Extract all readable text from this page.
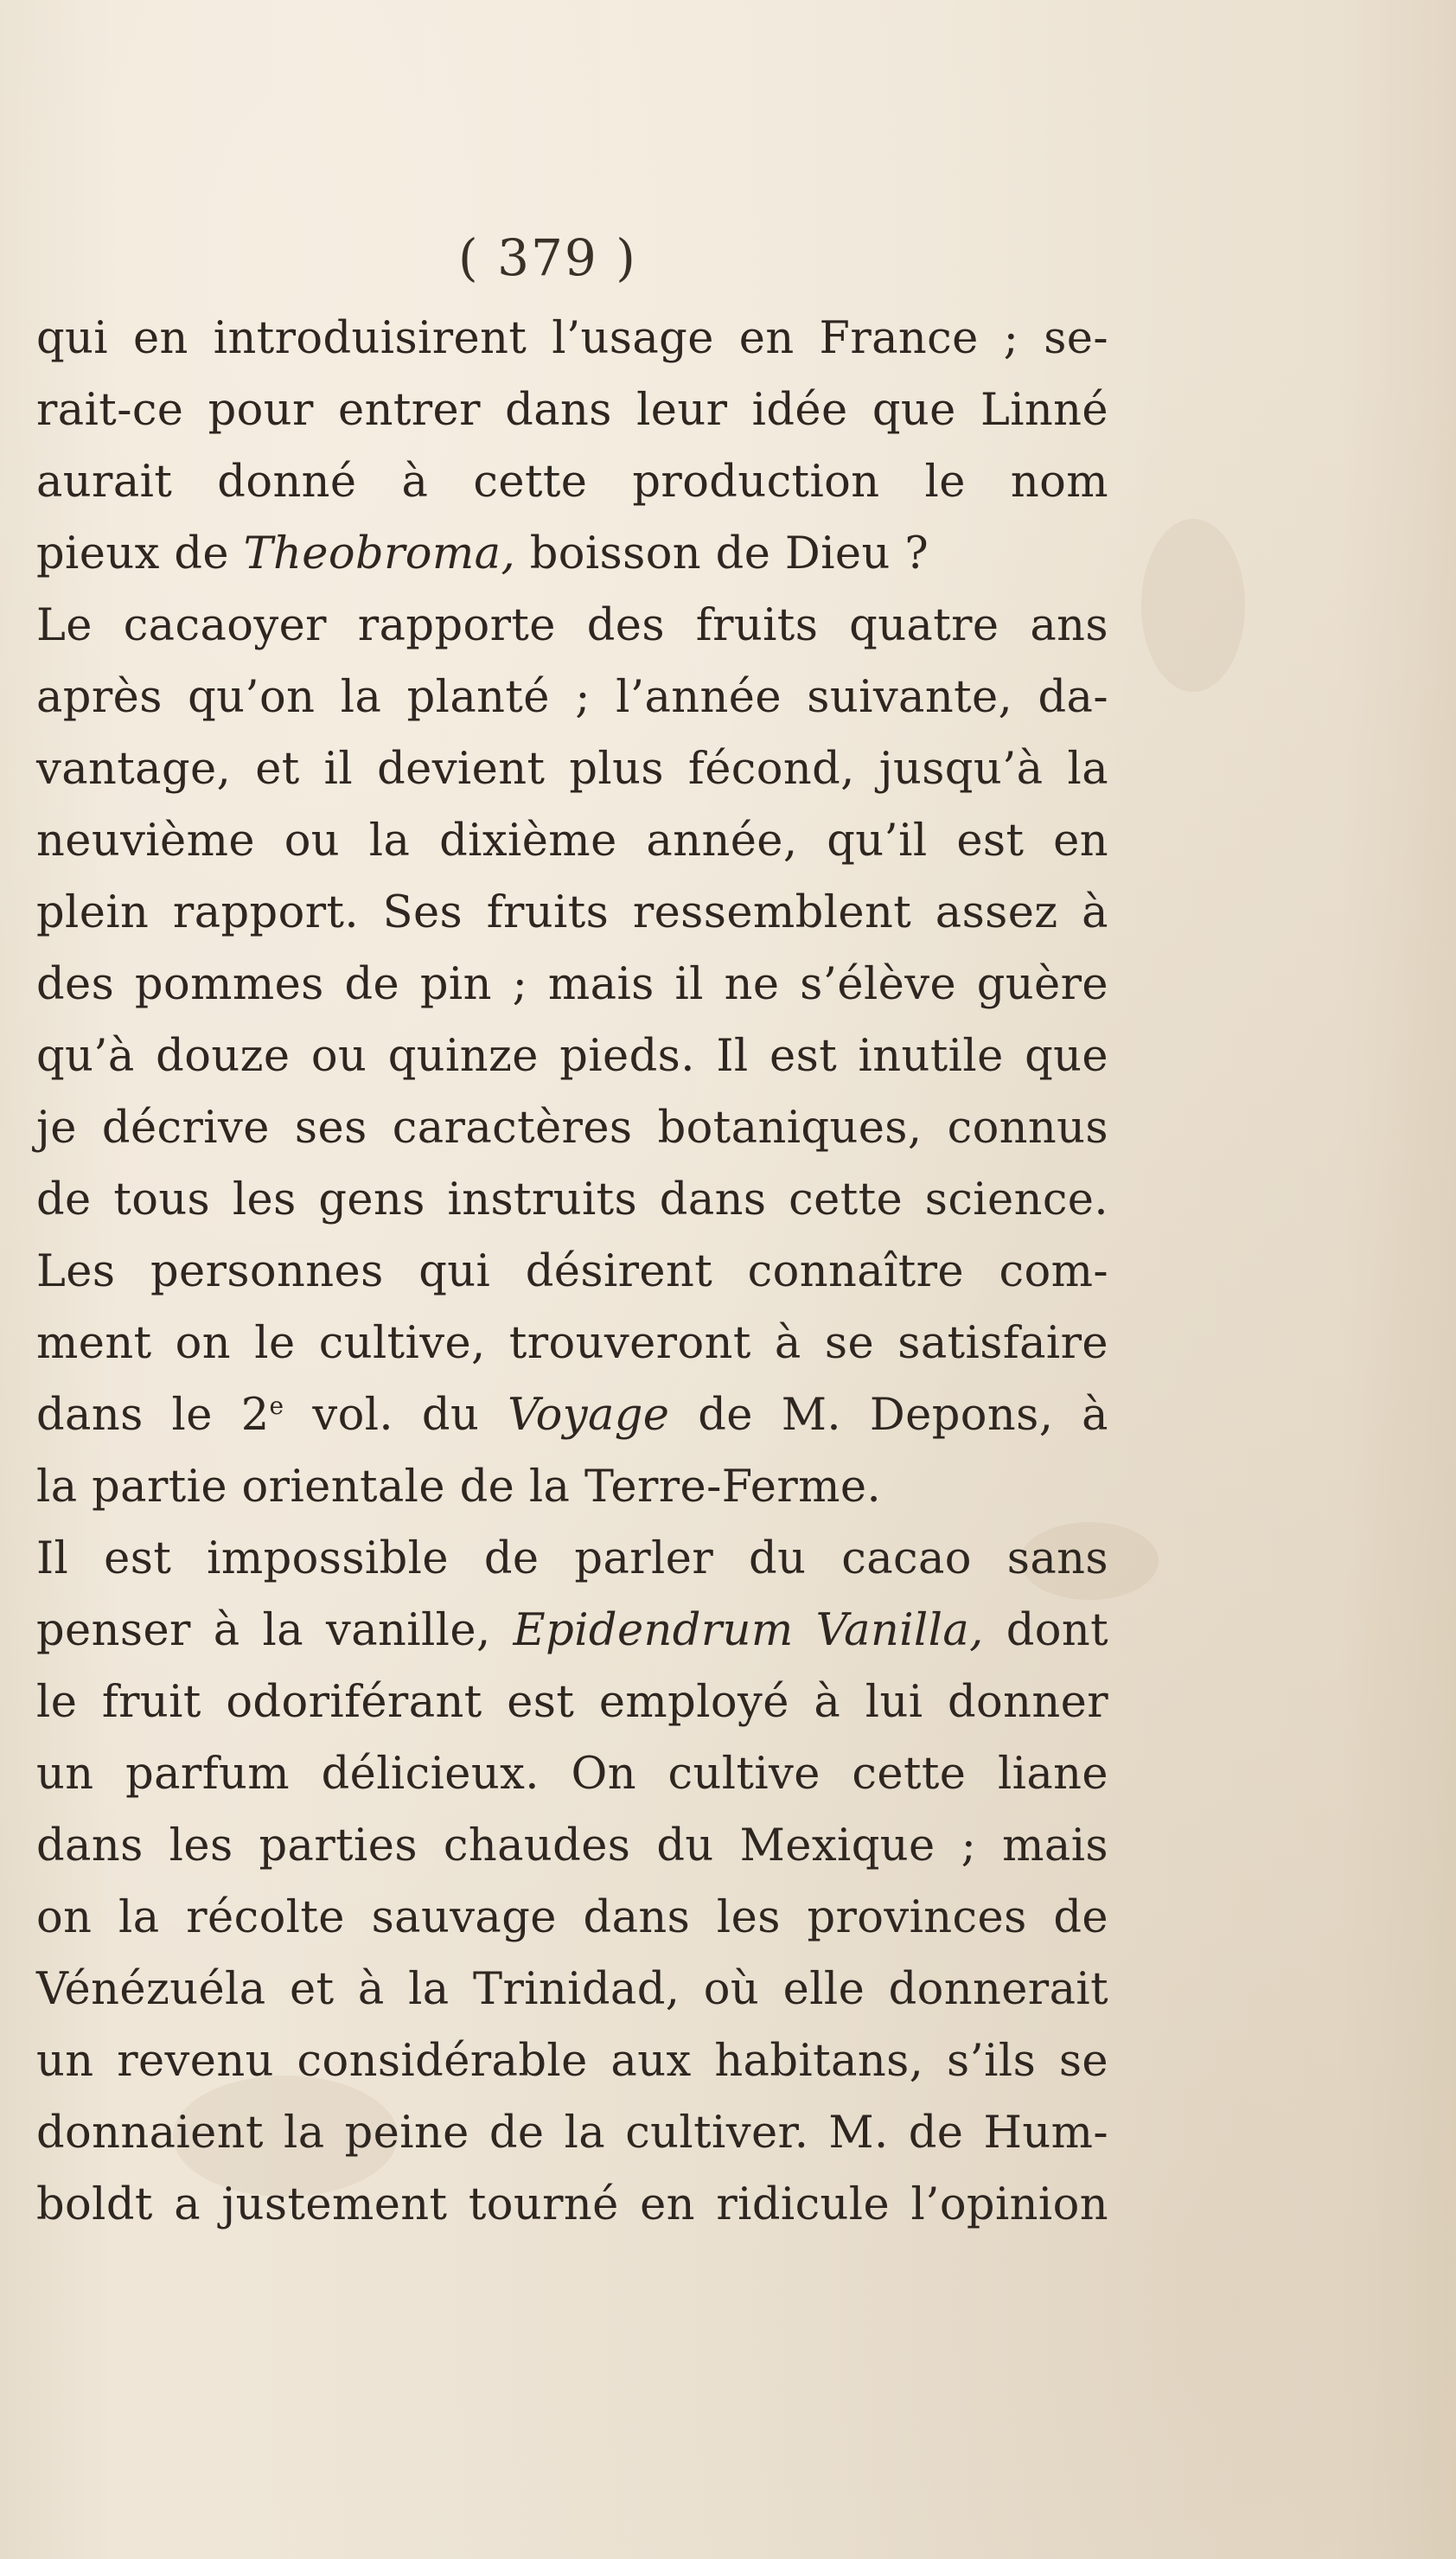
( 379 )
qui en introduisirent l’usage en France ; se-
rait-ce pour entrer dans leur idée que Linné
aurait donné à cette production le nom
pieux de Theobroma, boisson de Dieu ?
Le cacaoyer rapporte des fruits quatre ans
après qu’on la planté ; l’année suivante, da-
vantage, et il devient plus fécond, jusqu’à la
neuvième ou la dixième année, qu’il est en
plein rapport. Ses fruits ressemblent assez à
des pommes de pin ; mais il ne s’élève guère
qu’à douze ou quinze pieds. Il est inutile que
je décrive ses caractères botaniques, connus
de tous les gens instruits dans cette science.
Les personnes qui désirent connaître com-
ment on le cultive, trouveront à se satisfaire
dans le 2e vol. du Voyage de M. Depons, à
la partie orientale de la Terre-Ferme.
Il est impossible de parler du cacao sans
penser à la vanille, Epidendrum Vanilla, dont
le fruit odoriférant est employé à lui donner
un parfum délicieux. On cultive cette liane
dans les parties chaudes du Mexique ; mais
on la récolte sauvage dans les provinces de
Vénézuéla et à la Trinidad, où elle donnerait
un revenu considérable aux habitans, s’ils se
donnaient la peine de la cultiver. M. de Hum-
boldt a justement tourné en ridicule l’opinion
